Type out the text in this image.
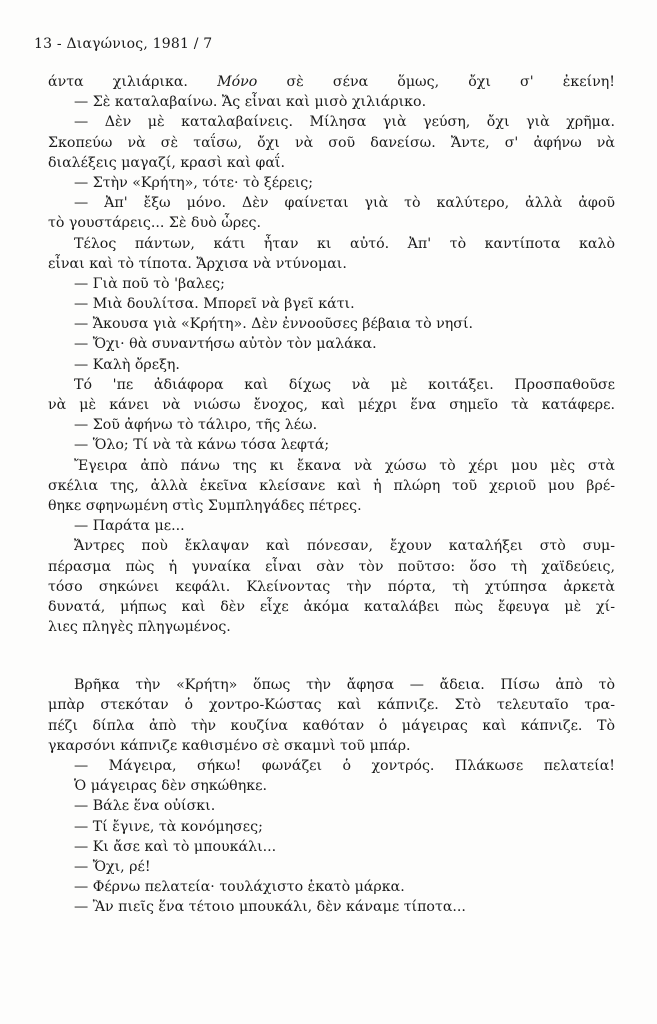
13 - Διαγώνιος, 1981 / 7
άντα χιλιάρικα. Μόνο σὲ σένα ὅμως, ὄχι σ' ἐκείνη!
— Σὲ καταλαβαίνω. Ἄς εἶναι καὶ μισὸ χιλιάρικο.
— Δὲν μὲ καταλαβαίνεις. Μίλησα γιὰ γεύση, ὄχι γιὰ χρῆμα.
Σκοπεύω νὰ σὲ ταΐσω, ὄχι νὰ σοῦ δανείσω. Ἄντε, σ' ἀφήνω νὰ
διαλέξεις μαγαζί, κρασὶ καὶ φαΐ.
— Στὴν «Κρήτη», τότε· τὸ ξέρεις;
— Ἀπ' ἔξω μόνο. Δὲν φαίνεται γιὰ τὸ καλύτερο, ἀλλὰ ἀφοῦ
τὸ γουστάρεις... Σὲ δυὸ ὧρες.
Τέλος πάντων, κάτι ἦταν κι αὐτό. Ἀπ' τὸ καντίποτα καλὸ
εἶναι καὶ τὸ τίποτα. Ἄρχισα νὰ ντύνομαι.
— Γιὰ ποῦ τὸ 'βαλες;
— Μιὰ δουλίτσα. Μπορεῖ νὰ βγεῖ κάτι.
— Ἄκουσα γιὰ «Κρήτη». Δὲν ἐννοοῦσες βέβαια τὸ νησί.
— Ὄχι· θὰ συναντήσω αὐτὸν τὸν μαλάκα.
— Καλὴ ὄρεξη.
Τό 'πε ἀδιάφορα καὶ δίχως νὰ μὲ κοιτάξει. Προσπαθοῦσε
νὰ μὲ κάνει νὰ νιώσω ἔνοχος, καὶ μέχρι ἕνα σημεῖο τὰ κατάφερε.
— Σοῦ ἀφήνω τὸ τάλιρο, τῆς λέω.
— Ὅλο; Τί νὰ τὰ κάνω τόσα λεφτά;
Ἔγειρα ἀπὸ πάνω της κι ἔκανα νὰ χώσω τὸ χέρι μου μὲς στὰ
σκέλια της, ἀλλὰ ἐκεῖνα κλείσανε καὶ ἡ πλώρη τοῦ χεριοῦ μου βρέ-
θηκε σφηνωμένη στὶς Συμπληγάδες πέτρες.
— Παράτα με...
Ἄντρες ποὺ ἔκλαψαν καὶ πόνεσαν, ἔχουν καταλήξει στὸ συμ-
πέρασμα πὼς ἡ γυναίκα εἶναι σὰν τὸν ποῦτσο: ὅσο τὴ χαϊδεύεις,
τόσο σηκώνει κεφάλι. Κλείνοντας τὴν πόρτα, τὴ χτύπησα ἀρκετὰ
δυνατά, μήπως καὶ δὲν εἶχε ἀκόμα καταλάβει πὼς ἔφευγα μὲ χί-
λιες πληγὲς πληγωμένος.
Βρῆκα τὴν «Κρήτη» ὅπως τὴν ἄφησα — ἄδεια. Πίσω ἀπὸ τὸ
μπὰρ στεκόταν ὁ χοντρο-Κώστας καὶ κάπνιζε. Στὸ τελευταῖο τρα-
πέζι δίπλα ἀπὸ τὴν κουζίνα καθόταν ὁ μάγειρας καὶ κάπνιζε. Τὸ
γκαρσόνι κάπνιζε καθισμένο σὲ σκαμνὶ τοῦ μπάρ.
— Μάγειρα, σήκω! φωνάζει ὁ χοντρός. Πλάκωσε πελατεία!
Ὁ μάγειρας δὲν σηκώθηκε.
— Βάλε ἕνα οὐίσκι.
— Τί ἔγινε, τὰ κονόμησες;
— Κι ἄσε καὶ τὸ μπουκάλι...
— Ὄχι, ρέ!
— Φέρνω πελατεία· τουλάχιστο ἑκατὸ μάρκα.
— Ἂν πιεῖς ἕνα τέτοιο μπουκάλι, δὲν κάναμε τίποτα...
